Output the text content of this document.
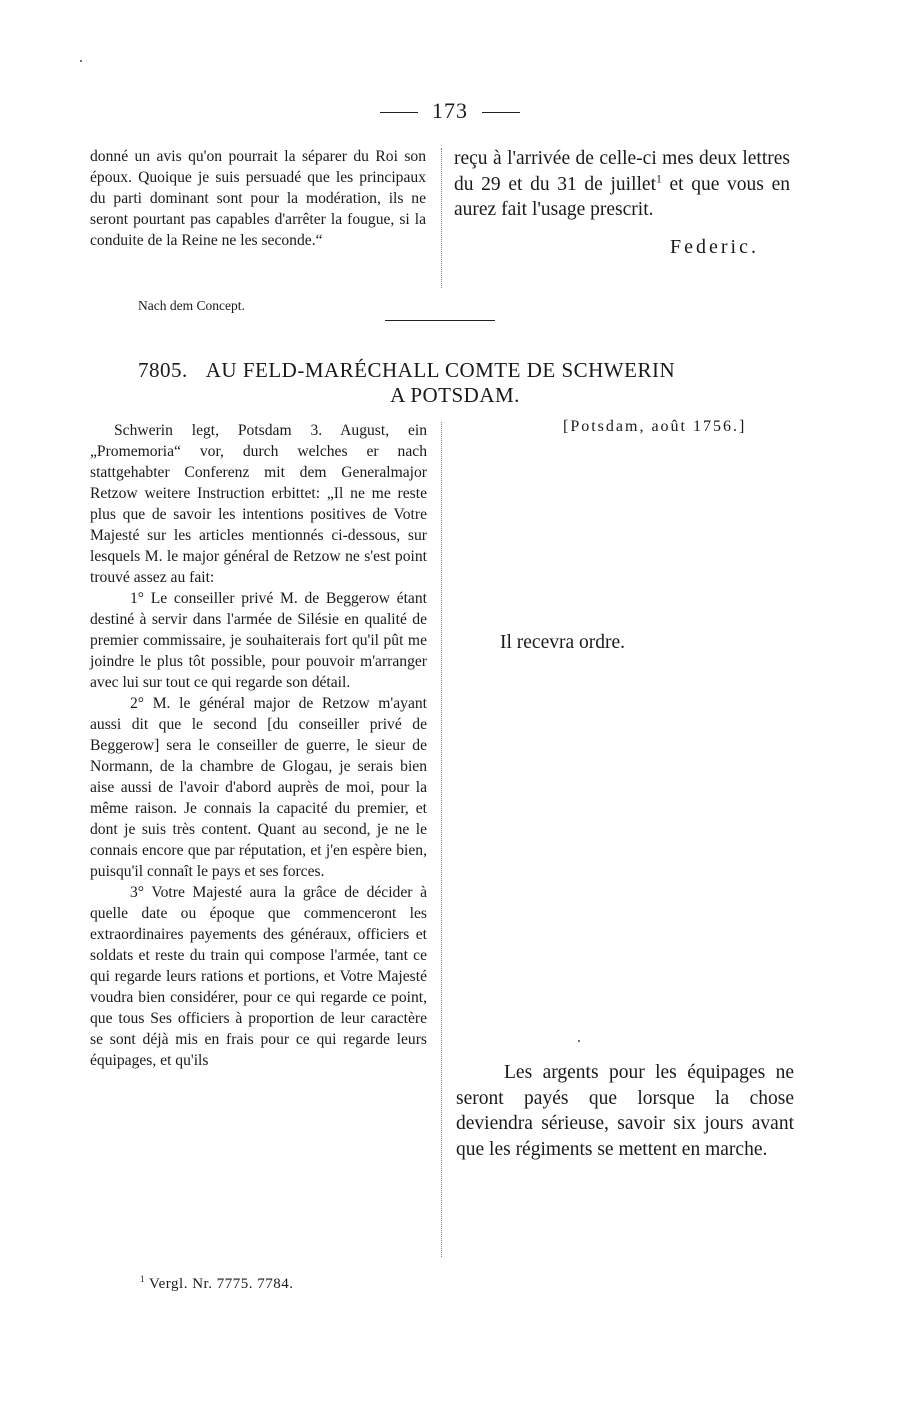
173

donné un avis qu'on pourrait la séparer du Roi son époux. Quoique je suis persuadé que les principaux du parti dominant sont pour la modération, ils ne seront pourtant pas capables d'arrêter la fougue, si la conduite de la Reine ne les seconde.“

reçu à l'arrivée de celle-ci mes deux lettres du 29 et du 31 de juillet$^1$ et que vous en aurez fait l'usage prescrit.

Federic.
Nach dem Concept.
7805. AU FELD-MARÉCHALL COMTE DE SCHWERIN
A POTSDAM.
[Potsdam, août 1756.]

Schwerin legt, Potsdam 3. August, ein „Promemoria“ vor, durch welches er nach stattgehabter Conferenz mit dem Generalmajor Retzow weitere Instruction erbittet: „Il ne me reste plus que de savoir les intentions positives de Votre Majesté sur les articles mentionnés ci-dessous, sur lesquels M. le major général de Retzow ne s'est point trouvé assez au fait:

1° Le conseiller privé M. de Beggerow étant destiné à servir dans l'armée de Silésie en qualité de premier commissaire, je souhaiterais fort qu'il pût me joindre le plus tôt possible, pour pouvoir m'arranger avec lui sur tout ce qui regarde son détail.

2° M. le général major de Retzow m'ayant aussi dit que le second [du conseiller privé de Beggerow] sera le conseiller de guerre, le sieur de Normann, de la chambre de Glogau, je serais bien aise aussi de l'avoir d'abord auprès de moi, pour la même raison. Je connais la capacité du premier, et dont je suis très content. Quant au second, je ne le connais encore que par réputation, et j'en espère bien, puisqu'il connaît le pays et ses forces.

3° Votre Majesté aura la grâce de décider à quelle date ou époque que commenceront les extraordinaires payements des généraux, officiers et soldats et reste du train qui compose l'armée, tant ce qui regarde leurs rations et portions, et Votre Majesté voudra bien considérer, pour ce qui regarde ce point, que tous Ses officiers à proportion de leur caractère se sont déjà mis en frais pour ce qui regarde leurs équipages, et qu'ils

Il recevra ordre.

Les argents pour les équipages ne seront payés que lorsque la chose deviendra sérieuse, savoir six jours avant que les régiments se mettent en marche.

$^1$ Vergl. Nr. 7775. 7784.
